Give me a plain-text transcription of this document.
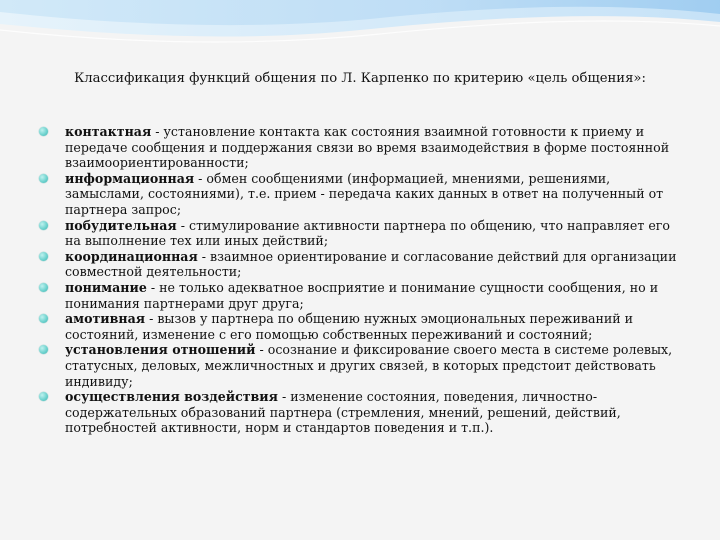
Классификация функций общения по Л. Карпенко по критерию «цель общения»:
контактная - установление контакта как состояния взаимной готовности к приему и передаче сообщения и поддержания связи во время взаимодействия в форме постоянной взаимоориентированности;
информационная - обмен сообщениями (информацией, мнениями, решениями, замыслами, состояниями), т.е. прием - передача каких данных в ответ на полученный от партнера запрос;
побудительная - стимулирование активности партнера по общению, что направляет его на выполнение тех или иных действий;
координационная - взаимное ориентирование и согласование действий для организации совместной деятельности;
понимание - не только адекватное восприятие и понимание сущности сообщения, но и понимания партнерами друг друга;
амотивная - вызов у партнера по общению нужных эмоциональных переживаний и состояний, изменение с его помощью собственных переживаний и состояний;
установления отношений - осознание и фиксирование своего места в системе ролевых, статусных, деловых, межличностных и других связей, в которых предстоит действовать индивиду;
осуществления воздействия - изменение состояния, поведения, личностно-содержательных образований партнера (стремления, мнений, решений, действий, потребностей активности, норм и стандартов поведения и т.п.).
